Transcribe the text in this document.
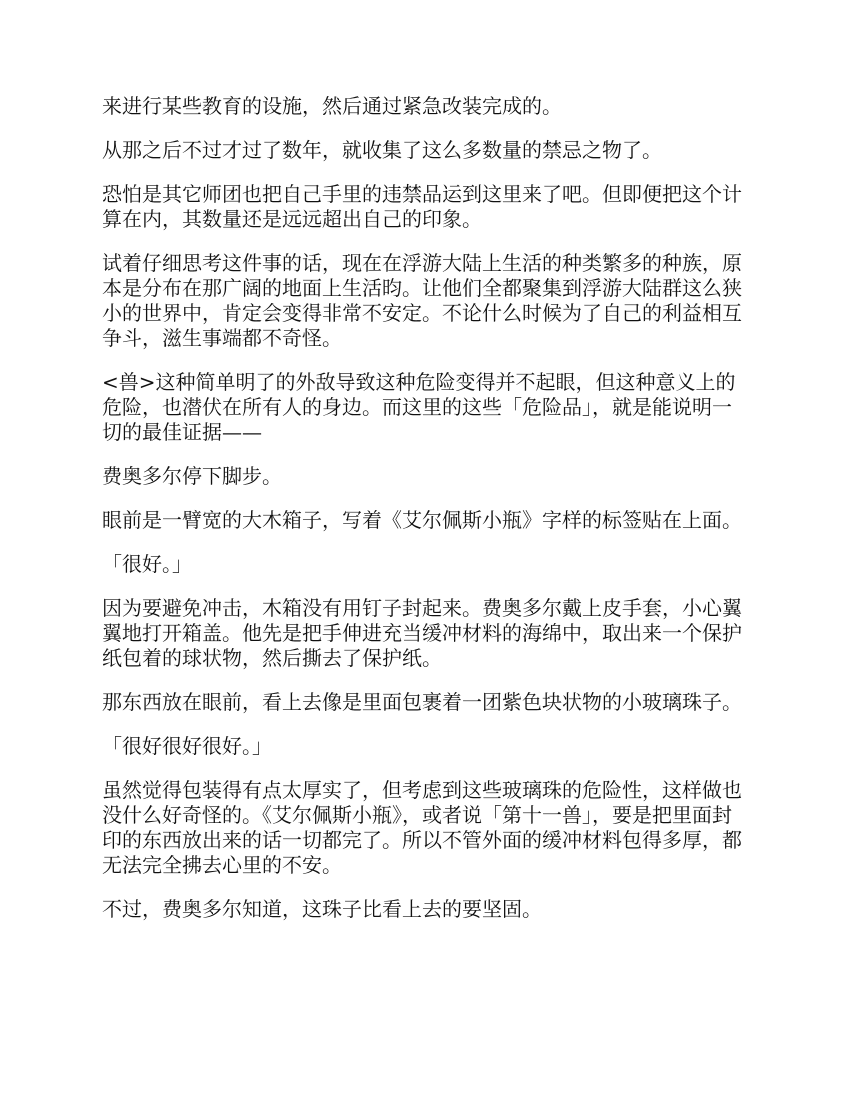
来进行某些教育的设施，然后通过紧急改装完成的。

从那之后不过才过了数年，就收集了这么多数量的禁忌之物了。

恐怕是其它师团也把自己手里的违禁品运到这里来了吧。但即便把这个计算在内，其数量还是远远超出自己的印象。

试着仔细思考这件事的话，现在在浮游大陆上生活的种类繁多的种族，原本是分布在那广阔的地面上生活昀。让他们全都聚集到浮游大陆群这么狭小的世界中，肯定会变得非常不安定。不论什么时候为了自己的利益相互争斗，滋生事端都不奇怪。

<兽>这种简单明了的外敌导致这种危险变得并不起眼，但这种意义上的危险，也潜伏在所有人的身边。而这里的这些「危险品」，就是能说明一切的最佳证据——

费奥多尔停下脚步。

眼前是一臂宽的大木箱子，写着《艾尔佩斯小瓶》字样的标签贴在上面。

「很好。」

因为要避免冲击，木箱没有用钉子封起来。费奥多尔戴上皮手套，小心翼翼地打开箱盖。他先是把手伸进充当缓冲材料的海绵中，取出来一个保护纸包着的球状物，然后撕去了保护纸。

那东西放在眼前，看上去像是里面包裹着一团紫色块状物的小玻璃珠子。

「很好很好很好。」

虽然觉得包装得有点太厚实了，但考虑到这些玻璃珠的危险性，这样做也没什么好奇怪的。《艾尔佩斯小瓶》，或者说「第十一兽」，要是把里面封印的东西放出来的话一切都完了。所以不管外面的缓冲材料包得多厚，都无法完全拂去心里的不安。

不过，费奥多尔知道，这珠子比看上去的要坚固。
